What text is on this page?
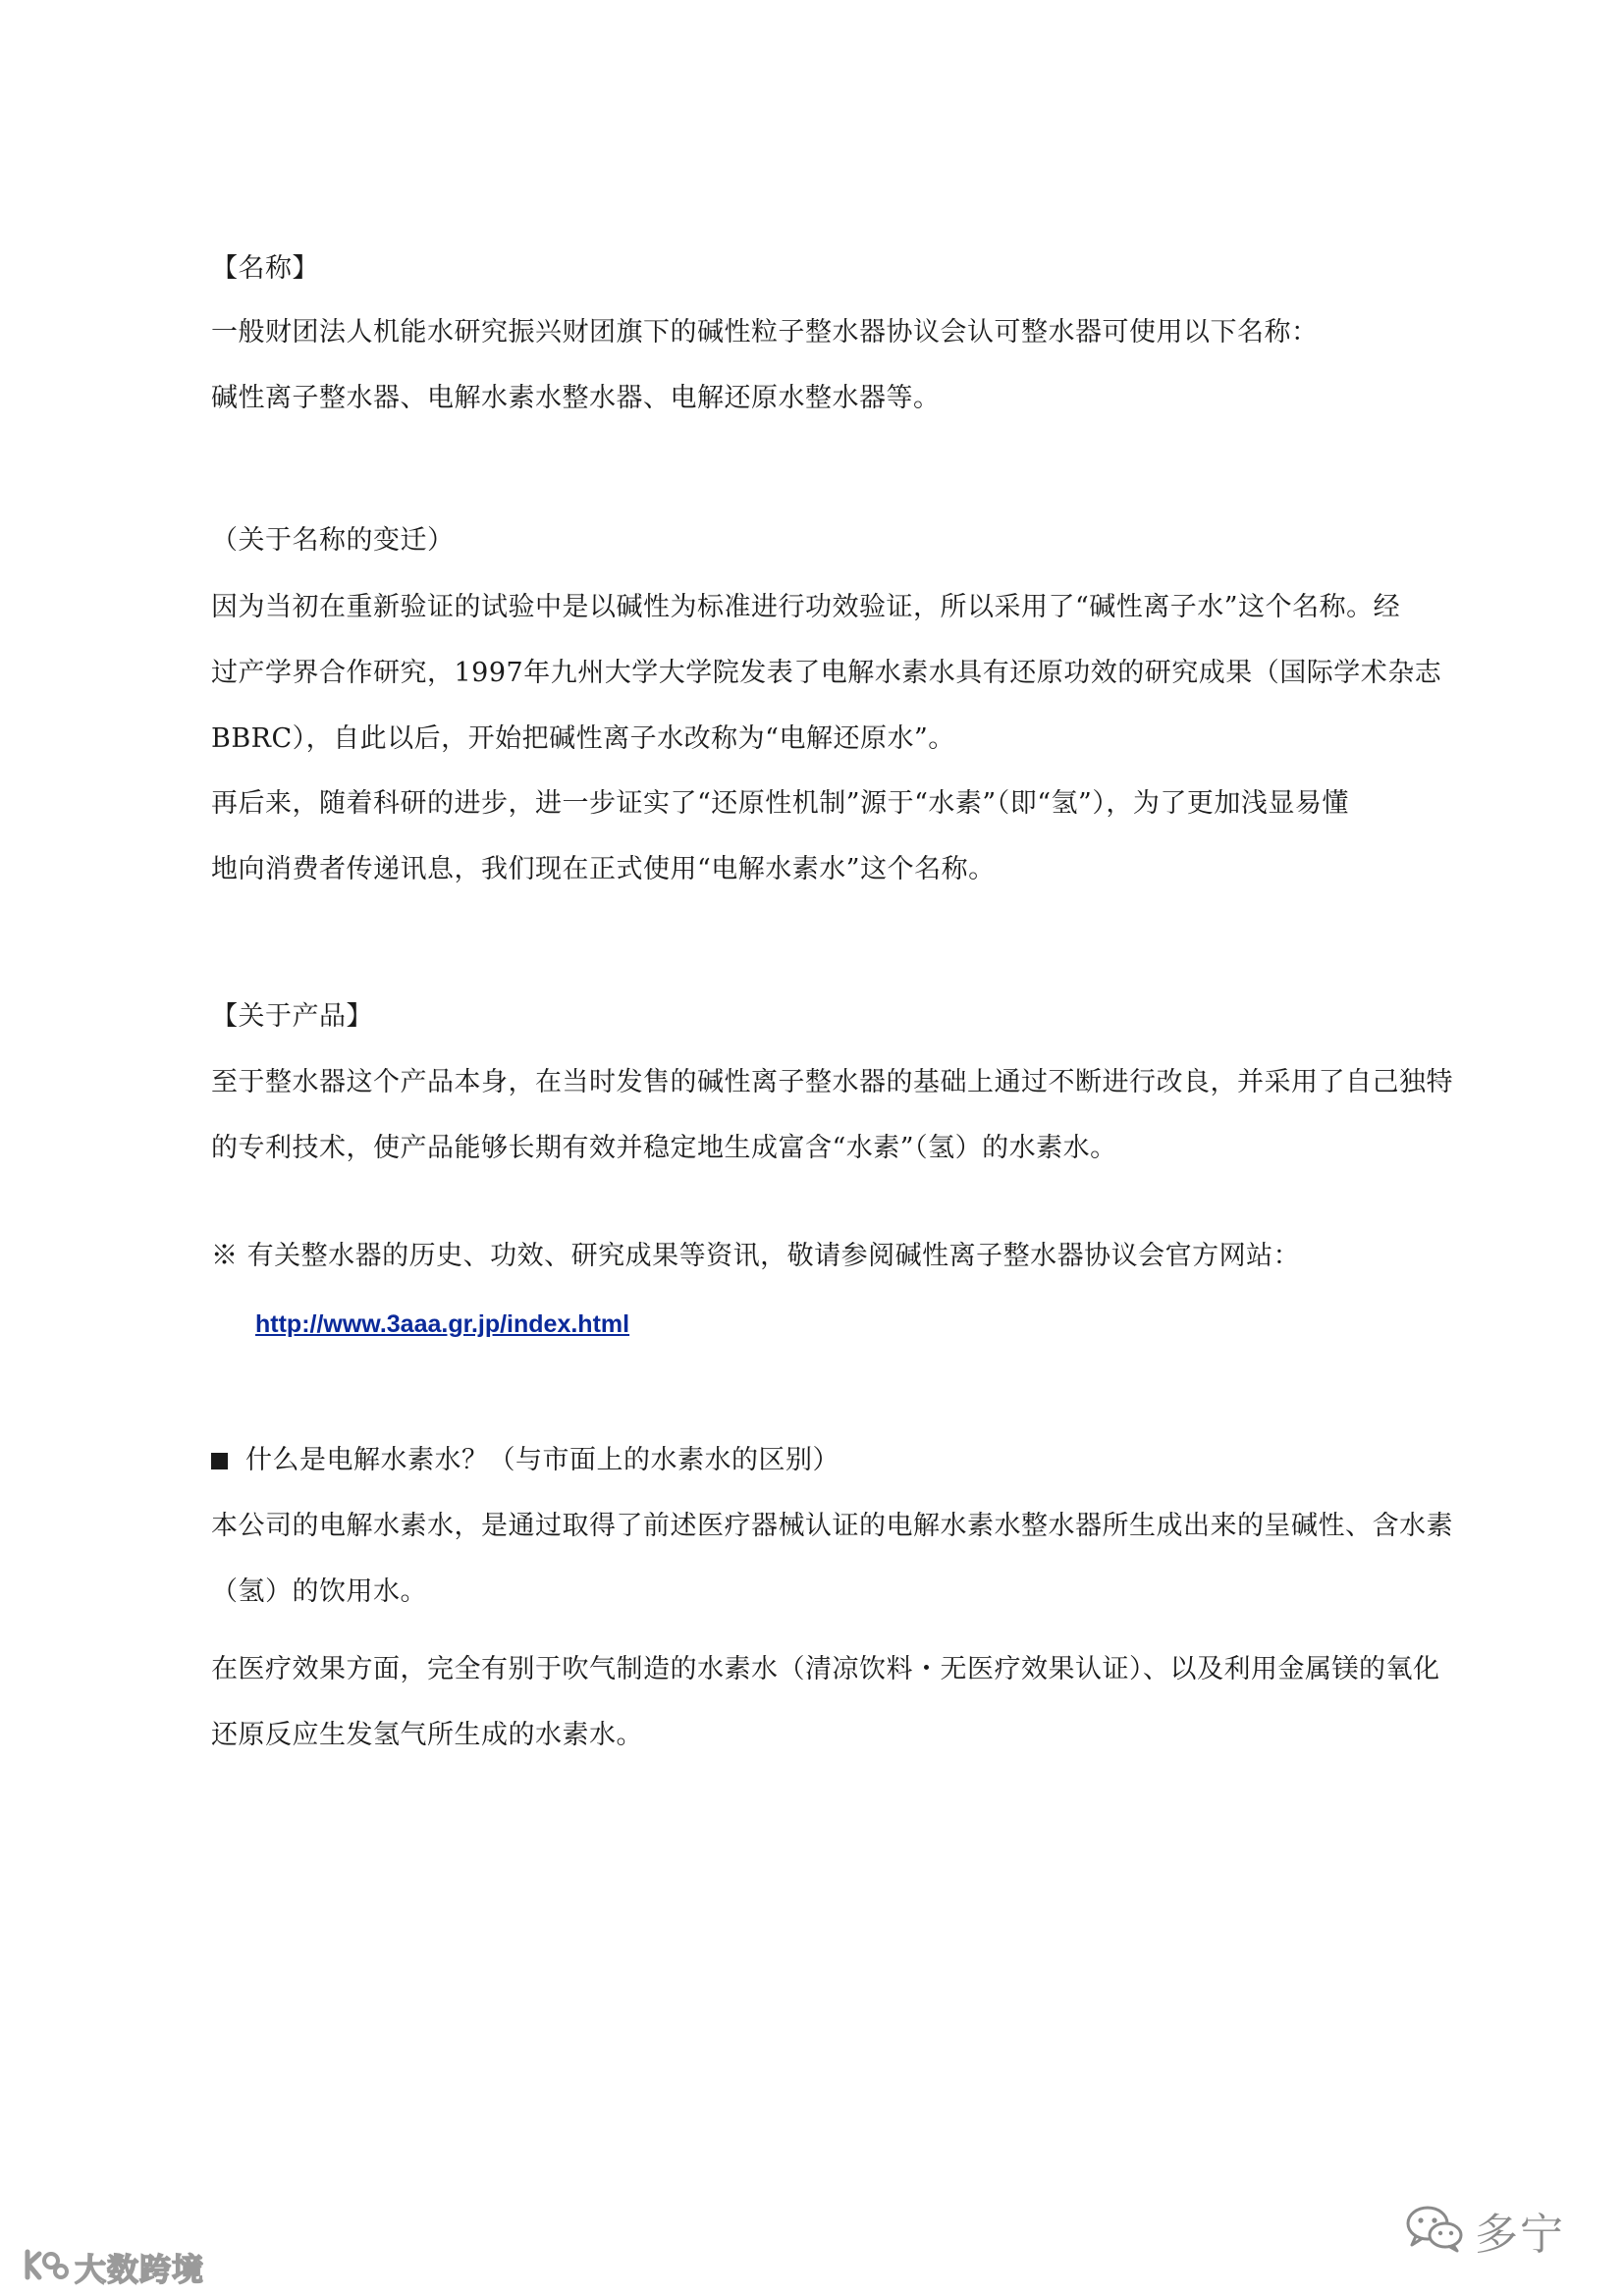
【名称】
一般财团法人机能水研究振兴财团旗下的碱性粒子整水器协议会认可整水器可使用以下名称：
碱性离子整水器、电解水素水整水器、电解还原水整水器等。
（关于名称的变迁）
因为当初在重新验证的试验中是以碱性为标准进行功效验证，所以采用了“碱性离子水”这个名称。经
过产学界合作研究，1997年九州大学大学院发表了电解水素水具有还原功效的研究成果（国际学术杂志
BBRC），自此以后，开始把碱性离子水改称为“电解还原水”。
再后来，随着科研的进步，进一步证实了“还原性机制”源于“水素”（即“氢”），为了更加浅显易懂
地向消费者传递讯息，我们现在正式使用“电解水素水”这个名称。
【关于产品】
至于整水器这个产品本身，在当时发售的碱性离子整水器的基础上通过不断进行改良，并采用了自己独特
的专利技术，使产品能够长期有效并稳定地生成富含“水素”（氢）的水素水。
※ 有关整水器的历史、功效、研究成果等资讯，敬请参阅碱性离子整水器协议会官方网站：
http://www.3aaa.gr.jp/index.html
什么是电解水素水？（与市面上的水素水的区别）
本公司的电解水素水，是通过取得了前述医疗器械认证的电解水素水整水器所生成出来的呈碱性、含水素
（氢）的饮用水。
在医疗效果方面，完全有别于吹气制造的水素水（清凉饮料・无医疗效果认证）、以及利用金属镁的氧化
还原反应生发氢气所生成的水素水。
多宁
大数跨境
